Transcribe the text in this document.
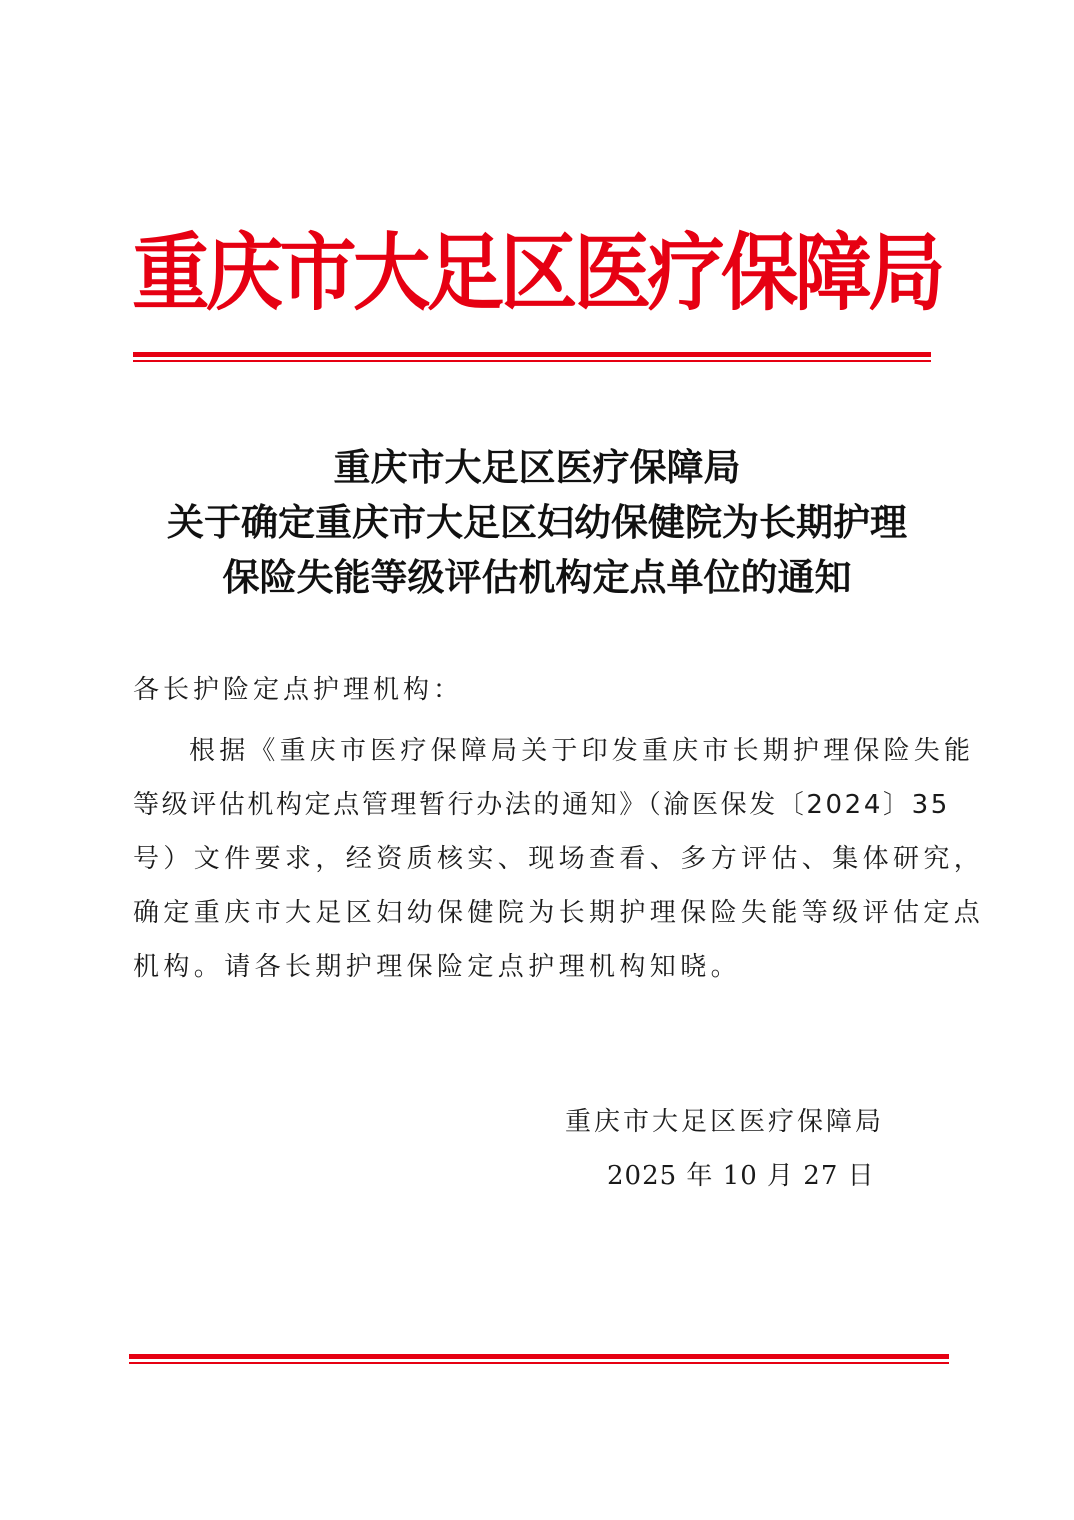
重庆市大足区医疗保障局
重庆市大足区医疗保障局
关于确定重庆市大足区妇幼保健院为长期护理
保险失能等级评估机构定点单位的通知
各长护险定点护理机构：
根据《重庆市医疗保障局关于印发重庆市长期护理保险失能
等级评估机构定点管理暂行办法的通知》（渝医保发〔2024〕35
号）文件要求，经资质核实、现场查看、多方评估、集体研究，
确定重庆市大足区妇幼保健院为长期护理保险失能等级评估定点
机构。请各长期护理保险定点护理机构知晓。
重庆市大足区医疗保障局
2025 年 10 月 27 日
